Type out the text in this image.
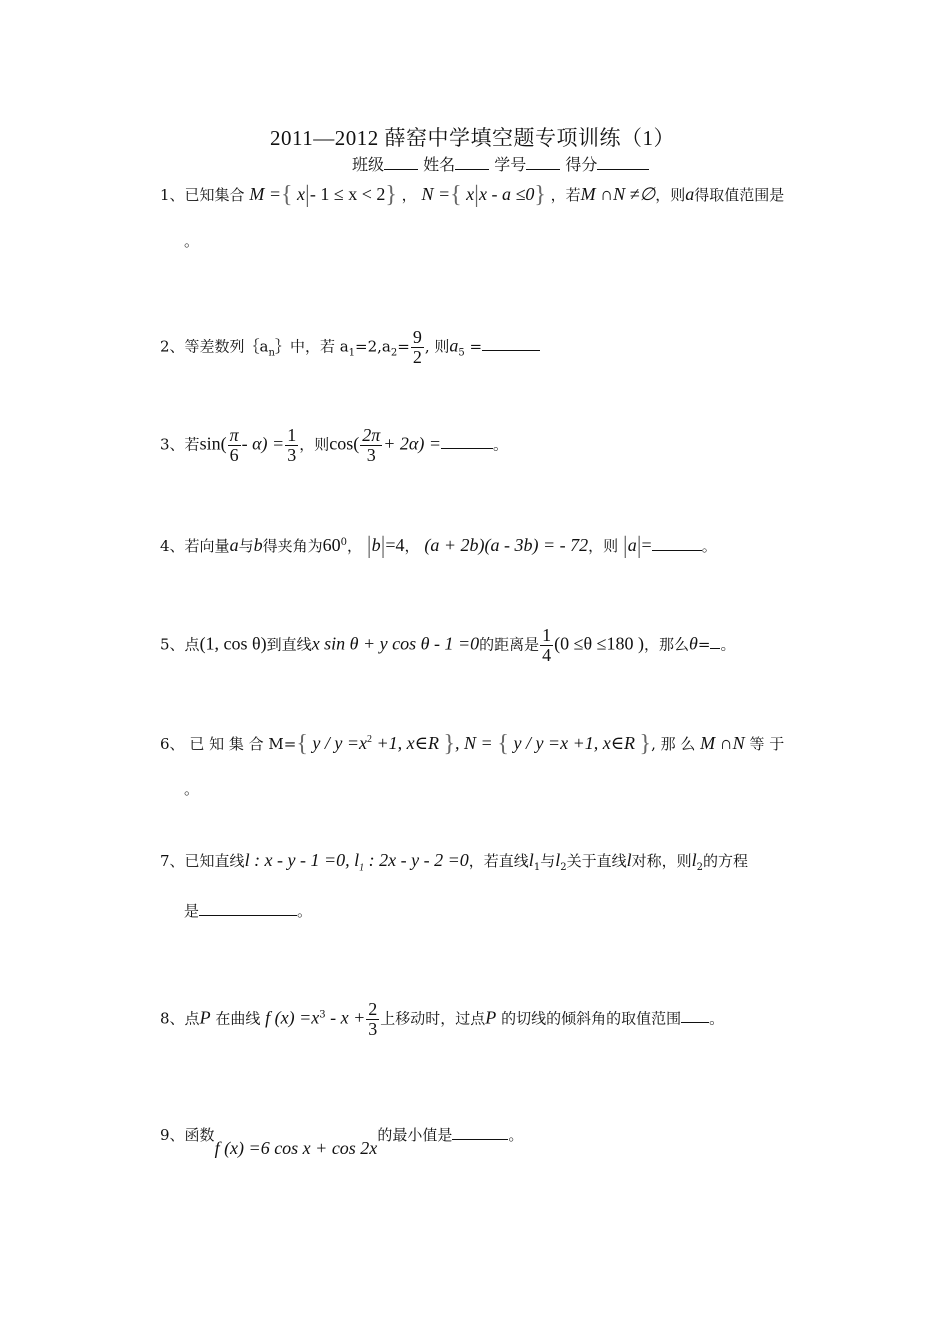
2011—2012 薛窑中学填空题专项训练（1）
班级 姓名 学号 得分
1、已知集合 M ={ x|- 1 ≤ x < 2} ， N ={ x|x - a ≤0} ，若M ∩N ≠∅，则a得取值范围是
。
2、等差数列$\{a_n\}$中，若 $a_1=2,a_2= \frac{9}{2}$ , 则$a_5$ =
3、若$\sin( \frac{\pi}{6} - \alpha) = \frac{1}{3}$ ，则$\cos( \frac{2\pi}{3} + 2\alpha)$ =	。
4、若向量a与b得夹角为$60^0$， |b|=4， (a + 2b)(a - 3b) = - 72，则 |a|=	。
5、点(1, cos θ)到直线x sin θ + y cos θ - 1 =0的距离是 $\frac{1}{4} (0 \le\theta \le 180$ )，那么θ= 。
6、 已 知 集 合 M={ $y / y =x^2 +1$, x∈R }, N = { y / y =x +1, x∈R }, 那 么 M ∩N 等 于
。
7、已知直线l : x - y - 1 =0, $l_1$ : 2x - y - 2 =0，若直线$l_1$与$l_2$关于直线l对称，则$l_2$的方程
是	。
8、点P 在曲线 f $(x) =x^3 - x + \frac{2}{3}$ 上移动时，过点P 的切线的倾斜角的取值范围 。
9、函数f (x) =6 cos x + cos 2x的最小值是	。
